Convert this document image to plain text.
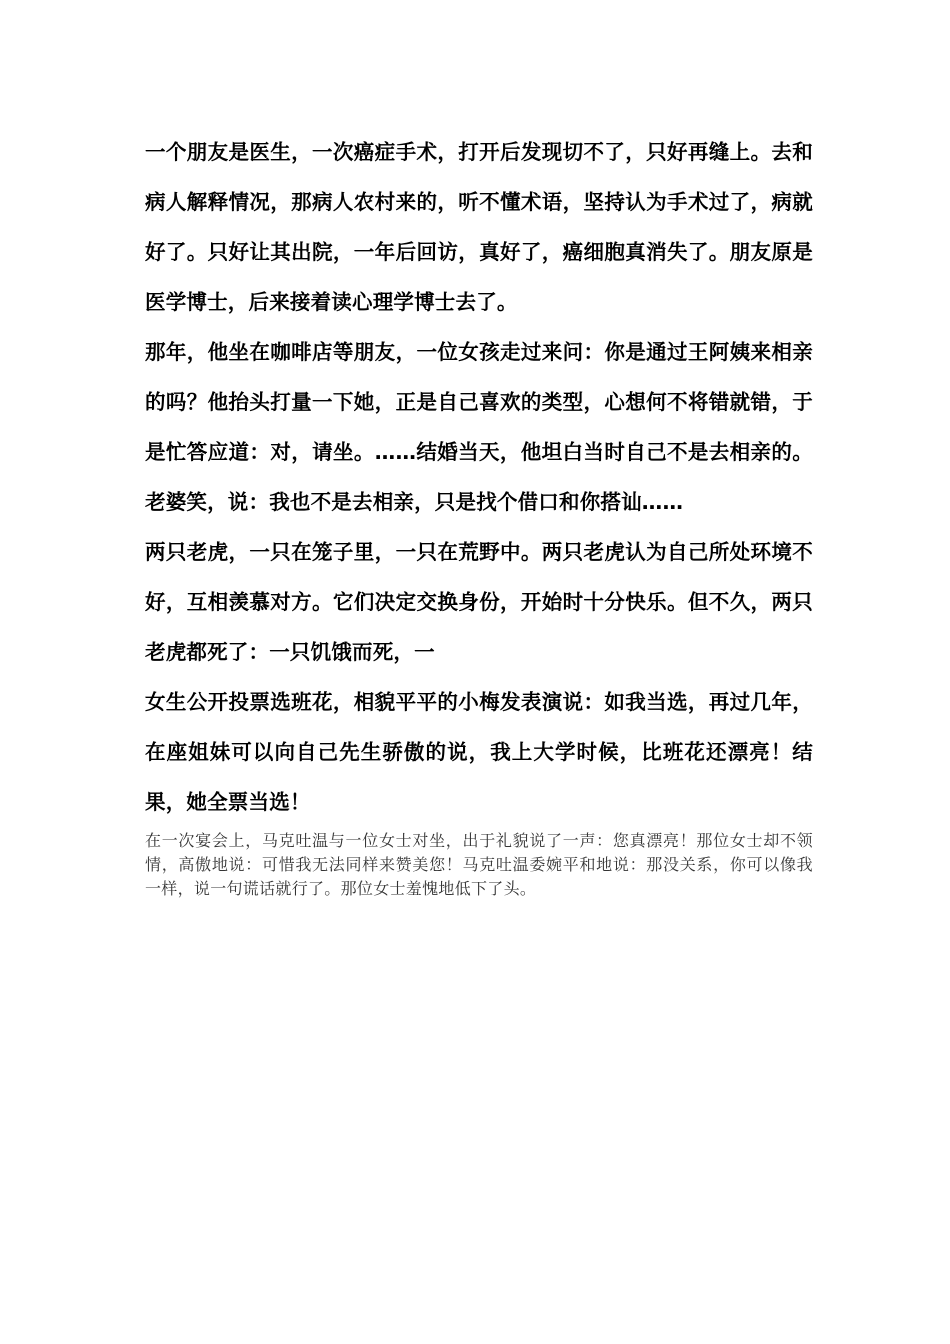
一个朋友是医生，一次癌症手术，打开后发现切不了，只好再缝上。去和病人解释情况，那病人农村来的，听不懂术语，坚持认为手术过了，病就好了。只好让其出院，一年后回访，真好了，癌细胞真消失了。朋友原是医学博士，后来接着读心理学博士去了。

那年，他坐在咖啡店等朋友，一位女孩走过来问：你是通过王阿姨来相亲的吗？他抬头打量一下她，正是自己喜欢的类型，心想何不将错就错，于是忙答应道：对，请坐。……结婚当天，他坦白当时自己不是去相亲的。老婆笑，说：我也不是去相亲，只是找个借口和你搭讪……

两只老虎，一只在笼子里，一只在荒野中。两只老虎认为自己所处环境不好，互相羡慕对方。它们决定交换身份，开始时十分快乐。但不久，两只老虎都死了：一只饥饿而死，一

女生公开投票选班花，相貌平平的小梅发表演说：如我当选，再过几年，在座姐妹可以向自己先生骄傲的说，我上大学时候，比班花还漂亮！结果，她全票当选！

在一次宴会上，马克吐温与一位女士对坐，出于礼貌说了一声：您真漂亮！那位女士却不领情，高傲地说：可惜我无法同样来赞美您！马克吐温委婉平和地说：那没关系，你可以像我一样，说一句谎话就行了。那位女士羞愧地低下了头。
